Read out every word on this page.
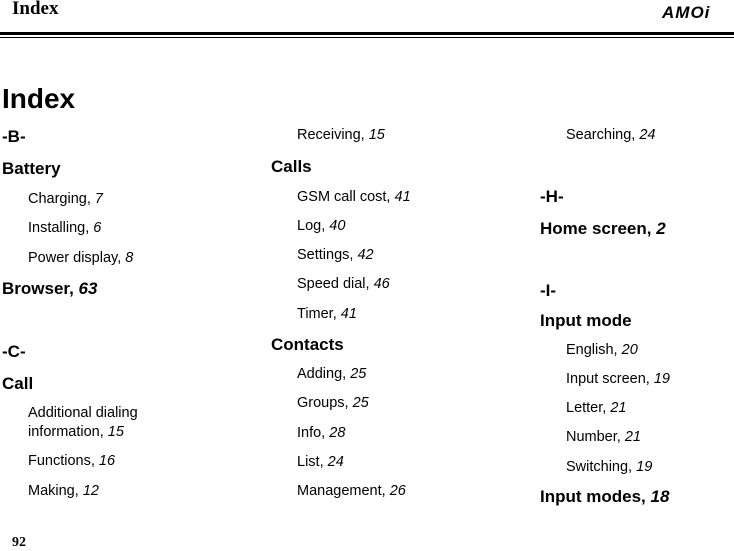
Index	AMOi
Index
-B-
Battery
Charging, 7
Installing, 6
Power display, 8
Browser, 63
-C-
Call
Additional dialing
information, 15
Functions, 16
Making, 12
Receiving, 15
Calls
GSM call cost, 41
Log, 40
Settings, 42
Speed dial, 46
Timer, 41
Contacts
Adding, 25
Groups, 25
Info, 28
List, 24
Management, 26
Searching, 24
-H-
Home screen, 2
-I-
Input mode
English, 20
Input screen, 19
Letter, 21
Number, 21
Switching, 19
Input modes, 18
92
